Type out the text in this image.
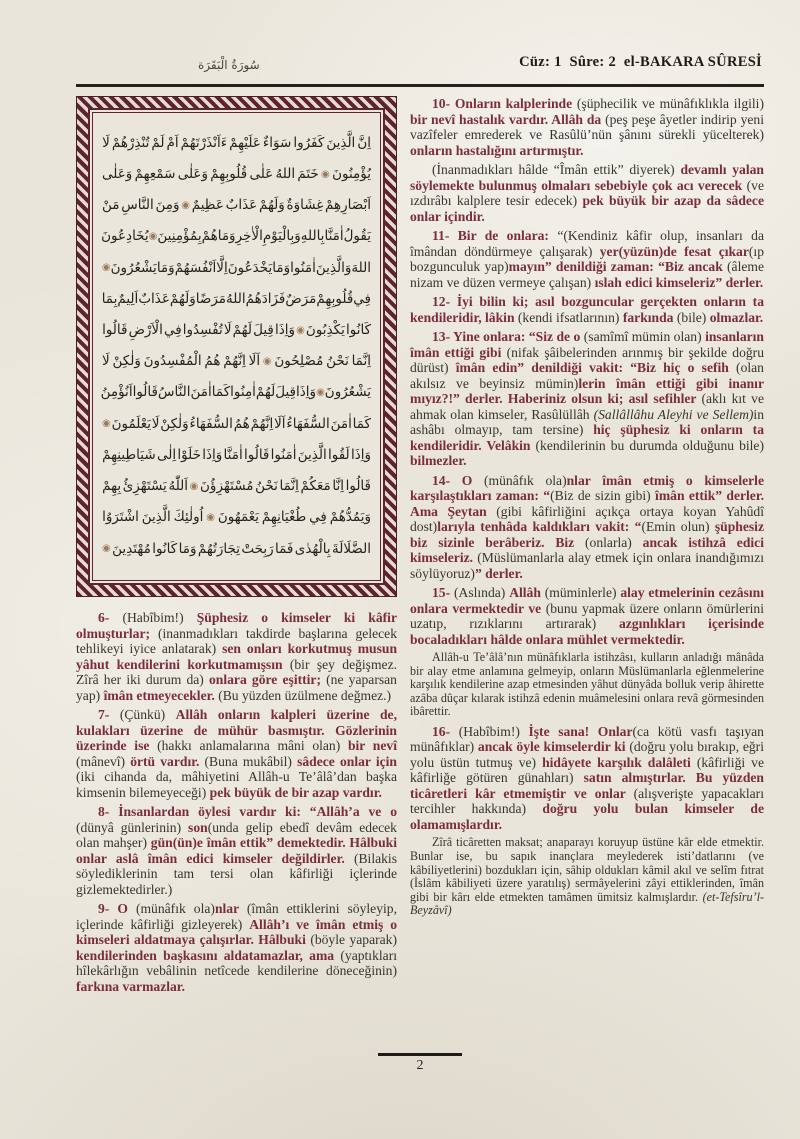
سُورَةُ الْبَقَرَة	Cüz: 1  Sûre: 2  el-BAKARA SÛRESİ
اِنَّ
الَّذِينَ
كَفَرُوا
سَوَاءٌ
عَلَيْهِمْ
ءَاَنْذَرْتَهُمْ
اَمْ
لَمْ
تُنْذِرْهُمْ
لَا
يُؤْمِنُونَ
◉
خَتَمَ
اللهُ
عَلٰى
قُلُوبِهِمْ
وَعَلٰى
سَمْعِهِمْ
وَعَلٰى
اَبْصَارِهِمْ
غِشَاوَةٌ
وَلَهُمْ
عَذَابٌ
عَظِيمٌ
◉
وَمِنَ
النَّاسِ
مَنْ
يَقُولُ
اٰمَنَّا
بِاللهِ
وَبِالْيَوْمِ
الْاٰخِرِ
وَمَا
هُمْ
بِمُؤْمِنِينَ
◉
يُخَادِعُونَ
اللهَ
وَالَّذِينَ
اٰمَنُوا
وَمَا
يَخْدَعُونَ
اِلَّا
اَنْفُسَهُمْ
وَمَا
يَشْعُرُونَ
◉
فِي
قُلُوبِهِمْ
مَرَضٌ
فَزَادَهُمُ
اللهُ
مَرَضًا
وَلَهُمْ
عَذَابٌ
اَلِيمٌ
بِمَا
كَانُوا
يَكْذِبُونَ
◉
وَاِذَا
قِيلَ
لَهُمْ
لَا
تُفْسِدُوا
فِي
الْاَرْضِ
قَالُوا
اِنَّمَا
نَحْنُ
مُصْلِحُونَ
◉
اَلَا
اِنَّهُمْ
هُمُ
الْمُفْسِدُونَ
وَلٰكِنْ
لَا
يَشْعُرُونَ
◉
وَاِذَا
قِيلَ
لَهُمْ
اٰمِنُوا
كَمَا
اٰمَنَ
النَّاسُ
قَالُوا
اَنُؤْمِنُ
كَمَا
اٰمَنَ
السُّفَهَاءُ
اَلَا
اِنَّهُمْ
هُمُ
السُّفَهَاءُ
وَلٰكِنْ
لَا
يَعْلَمُونَ
◉
وَاِذَا
لَقُوا
الَّذِينَ
اٰمَنُوا
قَالُوا
اٰمَنَّا
وَاِذَا
خَلَوْا
اِلٰى
شَيَاطِينِهِمْ
قَالُوا
اِنَّا
مَعَكُمْ
اِنَّمَا
نَحْنُ
مُسْتَهْزِؤُنَ
◉
اَللّٰهُ
يَسْتَهْزِئُ
بِهِمْ
وَيَمُدُّهُمْ
فِي
طُغْيَانِهِمْ
يَعْمَهُونَ
◉
اُولٰئِكَ
الَّذِينَ
اشْتَرَوُا
الضَّلَالَةَ
بِالْهُدٰى
فَمَا
رَبِحَتْ
تِجَارَتُهُمْ
وَمَا
كَانُوا
مُهْتَدِينَ
◉

6- (Habîbim!) Şüphesiz o kimseler ki kâfir olmuşturlar; (inanmadıkları takdirde başlarına gelecek tehlikeyi iyice anlatarak) sen onları korkutmuş musun yâhut kendilerini korkutmamışsın (bir şey değişmez. Zîrâ her iki durum da) onlara göre eşittir; (ne yaparsan yap) îmân etmeyecekler. (Bu yüzden üzülmene değmez.)

7- (Çünkü) Allâh onların kalpleri üzerine de, kulakları üzerine de mühür basmıştır. Gözlerinin üzerinde ise (hakkı anlamalarına mâni olan) bir nevî (mânevî) örtü vardır. (Buna mukâbil) sâdece onlar için (iki cihanda da, mâhiyetini Allâh-u Te’âlâ’dan başka kimsenin bilemeyeceği) pek büyük de bir azap vardır.

8- İnsanlardan öylesi vardır ki: “Allâh’a ve o (dünyâ günlerinin) son(unda gelip ebedî devâm edecek olan mahşer) gün(ün)e îmân ettik” demektedir. Hâlbuki onlar aslâ îmân edici kimseler değildirler. (Bilakis söylediklerinin tam tersi olan kâfirliği içlerinde gizlemektedirler.)

9- O (münâfık ola)nlar (îmân ettiklerini söyleyip, içlerinde kâfirliği gizleyerek) Allâh’ı ve îmân etmiş o kimseleri aldatmaya çalışırlar. Hâlbuki (böyle yaparak) kendilerinden başkasını aldatamazlar, ama (yaptıkları hîlekârlığın vebâlinin netîcede kendilerine döneceğinin) farkına varmazlar.

10- Onların kalplerinde (şüphecilik ve münâfıklıkla ilgili) bir nevî hastalık vardır. Allâh da (peş peşe âyetler indirip yeni vazîfeler emrederek ve Rasûlü’nün şânını sürekli yücelterek) onların hastalığını artırmıştır.

(İnanmadıkları hâlde “Îmân ettik” diyerek) devamlı yalan söylemekte bulunmuş olmaları sebebiyle çok acı verecek (ve ızdırâbı kalplere tesir edecek) pek büyük bir azap da sâdece onlar içindir.

11- Bir de onlara: “(Kendiniz kâfir olup, insanları da îmândan döndürmeye çalışarak) yer(yüzün)de fesat çıkar(ıp bozgunculuk yap)mayın” denildiği zaman: “Biz ancak (âleme nizam ve düzen vermeye çalışan) ıslah edici kimseleriz” derler.

12- İyi bilin ki; asıl bozguncular gerçekten onların ta kendileridir, lâkin (kendi ifsatlarının) farkında (bile) olmazlar.

13- Yine onlara: “Siz de o (samîmî mümin olan) insanların îmân ettiği gibi (nifak şâibelerinden arınmış bir şekilde doğru dürüst) îmân edin” denildiği vakit: “Biz hiç o sefih (olan akılsız ve beyinsiz mümin)lerin îmân ettiği gibi inanır mıyız?!” derler. Haberiniz olsun ki; asıl sefihler (aklı kıt ve ahmak olan kimseler, Rasûlüllâh (Sallâllâhu Aleyhi ve Sellem)in ashâbı olmayıp, tam tersine) hiç şüphesiz ki onların ta kendileridir. Velâkin (kendilerinin bu durumda olduğunu bile) bilmezler.

14- O (münâfık ola)nlar îmân etmiş o kimselerle karşılaştıkları zaman: “(Biz de sizin gibi) îmân ettik” derler. Ama Şeytan (gibi kâfirliğini açıkça ortaya koyan Yahûdî dost)larıyla tenhâda kaldıkları vakit: “(Emin olun) şüphesiz biz sizinle berâberiz. Biz (onlarla) ancak istihzâ edici kimseleriz. (Müslümanlarla alay etmek için onlara inandığımızı söylüyoruz)” derler.

15- (Aslında) Allâh (müminlerle) alay etmelerinin cezâsını onlara vermektedir ve (bunu yapmak üzere onların ömürlerini uzatıp, rızıklarını artırarak) azgınlıkları içerisinde bocaladıkları hâlde onlara mühlet vermektedir.

Allâh-u Te’âlâ’nın münâfıklarla istihzâsı, kulların anladığı mânâda bir alay etme anlamına gelmeyip, onların Müslümanlarla eğlenmelerine karşılık kendilerine azap etmesinden yâhut dünyâda bolluk verip âhirette azâba dûçar kılarak istihzâ edenin muâmelesini onlara revâ görmesinden ibârettir.

16- (Habîbim!) İşte sana! Onlar(ca kötü vasfı taşıyan münâfıklar) ancak öyle kimselerdir ki (doğru yolu bırakıp, eğri yolu üstün tutmuş ve) hidâyete karşılık dalâleti (kâfirliği ve kâfirliğe götüren günahları) satın almıştırlar. Bu yüzden ticâretleri kâr etmemiştir ve onlar (alışverişte yapacakları tercihler hakkında) doğru yolu bulan kimseler de olamamışlardır.

Zîrâ ticâretten maksat; anaparayı koruyup üstüne kâr elde etmektir. Bunlar ise, bu sapık inançlara meylederek isti’datlarını (ve kâbiliyetlerini) bozdukları için, sâhip oldukları kâmil akıl ve selîm fıtrat (İslâm kâbiliyeti üzere yaratılış) sermâyelerini zâyi ettiklerinden, îmân gibi bir kârı elde etmekten tamâmen ümitsiz kalmışlardır. (et-Tefsîru’l-Beyzâvî)

2
